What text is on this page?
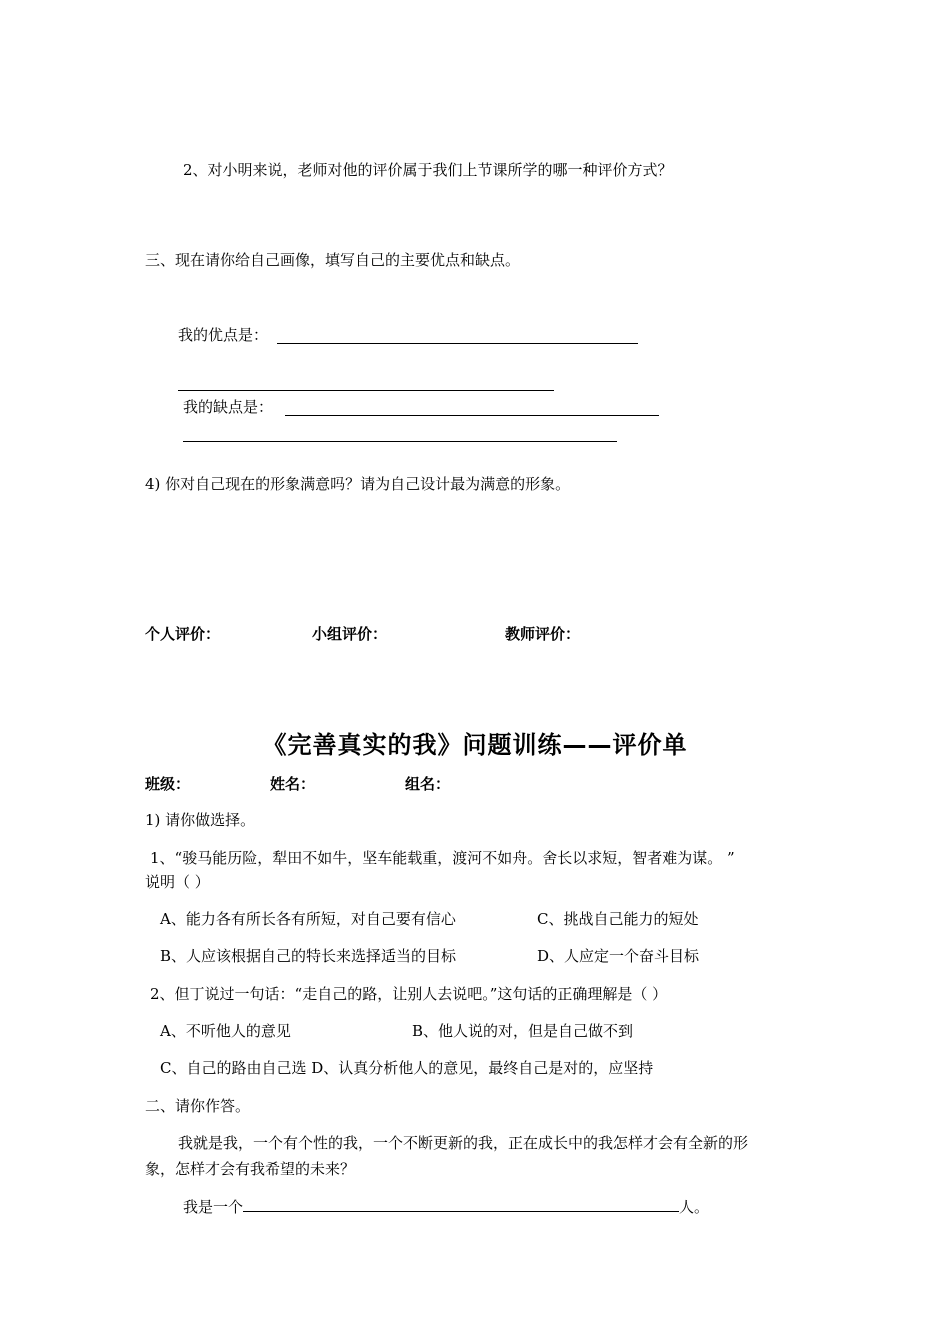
2、对小明来说，老师对他的评价属于我们上节课所学的哪一种评价方式？
三、现在请你给自己画像，填写自己的主要优点和缺点。
我的优点是：
我的缺点是：
4) 你对自己现在的形象满意吗？请为自己设计最为满意的形象。
个人评价：	小组评价：	教师评价：
《完善真实的我》问题训练——评价单
班级：	姓名：	组名：
1) 请你做选择。
1、“骏马能历险，犁田不如牛，坚车能载重，渡河不如舟。舍长以求短，智者难为谋。 ”
说明（ ）
A、能力各有所长各有所短，对自己要有信心	C、挑战自己能力的短处
B、人应该根据自己的特长来选择适当的目标	D、人应定一个奋斗目标
2、但丁说过一句话：“走自己的路，让别人去说吧。”这句话的正确理解是（ ）
A、不听他人的意见	B、他人说的对，但是自己做不到
C、自己的路由自己选 D、认真分析他人的意见，最终自己是对的，应坚持
二、请你作答。
我就是我，一个有个性的我，一个不断更新的我，正在成长中的我怎样才会有全新的形
象，怎样才会有我希望的未来？
我是一个	人。
